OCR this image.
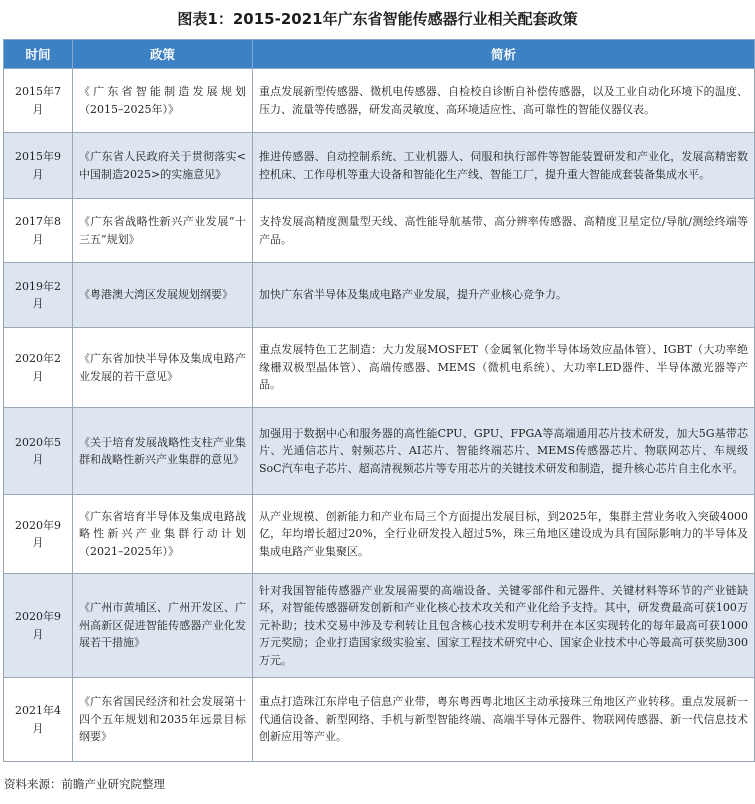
图表1：2015-2021年广东省智能传感器行业相关配套政策
时间	政策	简析
2015年7月	《广东省智能制造发展规划（2015–2025年）》	重点发展新型传感器、微机电传感器、自检校自诊断自补偿传感器，以及工业自动化环境下的温度、压力、流量等传感器，研发高灵敏度、高环境适应性、高可靠性的智能仪器仪表。
2015年9月	《广东省人民政府关于贯彻落实<中国制造2025>的实施意见》	推进传感器、自动控制系统、工业机器人、伺服和执行部件等智能装置研发和产业化，发展高精密数控机床、工作母机等重大设备和智能化生产线、智能工厂，提升重大智能成套装备集成水平。
2017年8月	《广东省战略性新兴产业发展“十三五”规划》	支持发展高精度测量型天线、高性能导航基带、高分辨率传感器、高精度卫星定位/导航/测绘终端等产品。
2019年2月	《粤港澳大湾区发展规划纲要》	加快广东省半导体及集成电路产业发展，提升产业核心竞争力。
2020年2月	《广东省加快半导体及集成电路产业发展的若干意见》	重点发展特色工艺制造：大力发展MOSFET（金属氧化物半导体场效应晶体管）、IGBT（大功率绝缘栅双极型晶体管）、高端传感器、MEMS（微机电系统）、大功率LED器件、半导体激光器等产品。
2020年5月	《关于培育发展战略性支柱产业集群和战略性新兴产业集群的意见》	加强用于数据中心和服务器的高性能CPU、GPU、FPGA等高端通用芯片技术研发，加大5G基带芯片、光通信芯片、射频芯片、AI芯片、智能终端芯片、MEMS传感器芯片、物联网芯片、车规级SoC汽车电子芯片、超高清视频芯片等专用芯片的关键技术研发和制造，提升核心芯片自主化水平。
2020年9月	《广东省培育半导体及集成电路战略性新兴产业集群行动计划（2021–2025年）》	从产业规模、创新能力和产业布局三个方面提出发展目标，到2025年，集群主营业务收入突破4000亿，年均增长超过20%，全行业研发投入超过5%，珠三角地区建设成为具有国际影响力的半导体及集成电路产业集聚区。
2020年9月	《广州市黄埔区、广州开发区、广州高新区促进智能传感器产业化发展若干措施》	针对我国智能传感器产业发展需要的高端设备、关键零部件和元器件、关键材料等环节的产业链缺环，对智能传感器研发创新和产业化核心技术攻关和产业化给予支持。其中，研发费最高可获100万元补助；技术交易中涉及专利转让且包含核心技术发明专利并在本区实现转化的每年最高可获1000万元奖励；企业打造国家级实验室、国家工程技术研究中心、国家企业技术中心等最高可获奖励300万元。
2021年4月	《广东省国民经济和社会发展第十四个五年规划和2035年远景目标纲要》	重点打造珠江东岸电子信息产业带，粤东粤西粤北地区主动承接珠三角地区产业转移。重点发展新一代通信设备、新型网络、手机与新型智能终端、高端半导体元器件、物联网传感器、新一代信息技术创新应用等产业。
资料来源：前瞻产业研究院整理
